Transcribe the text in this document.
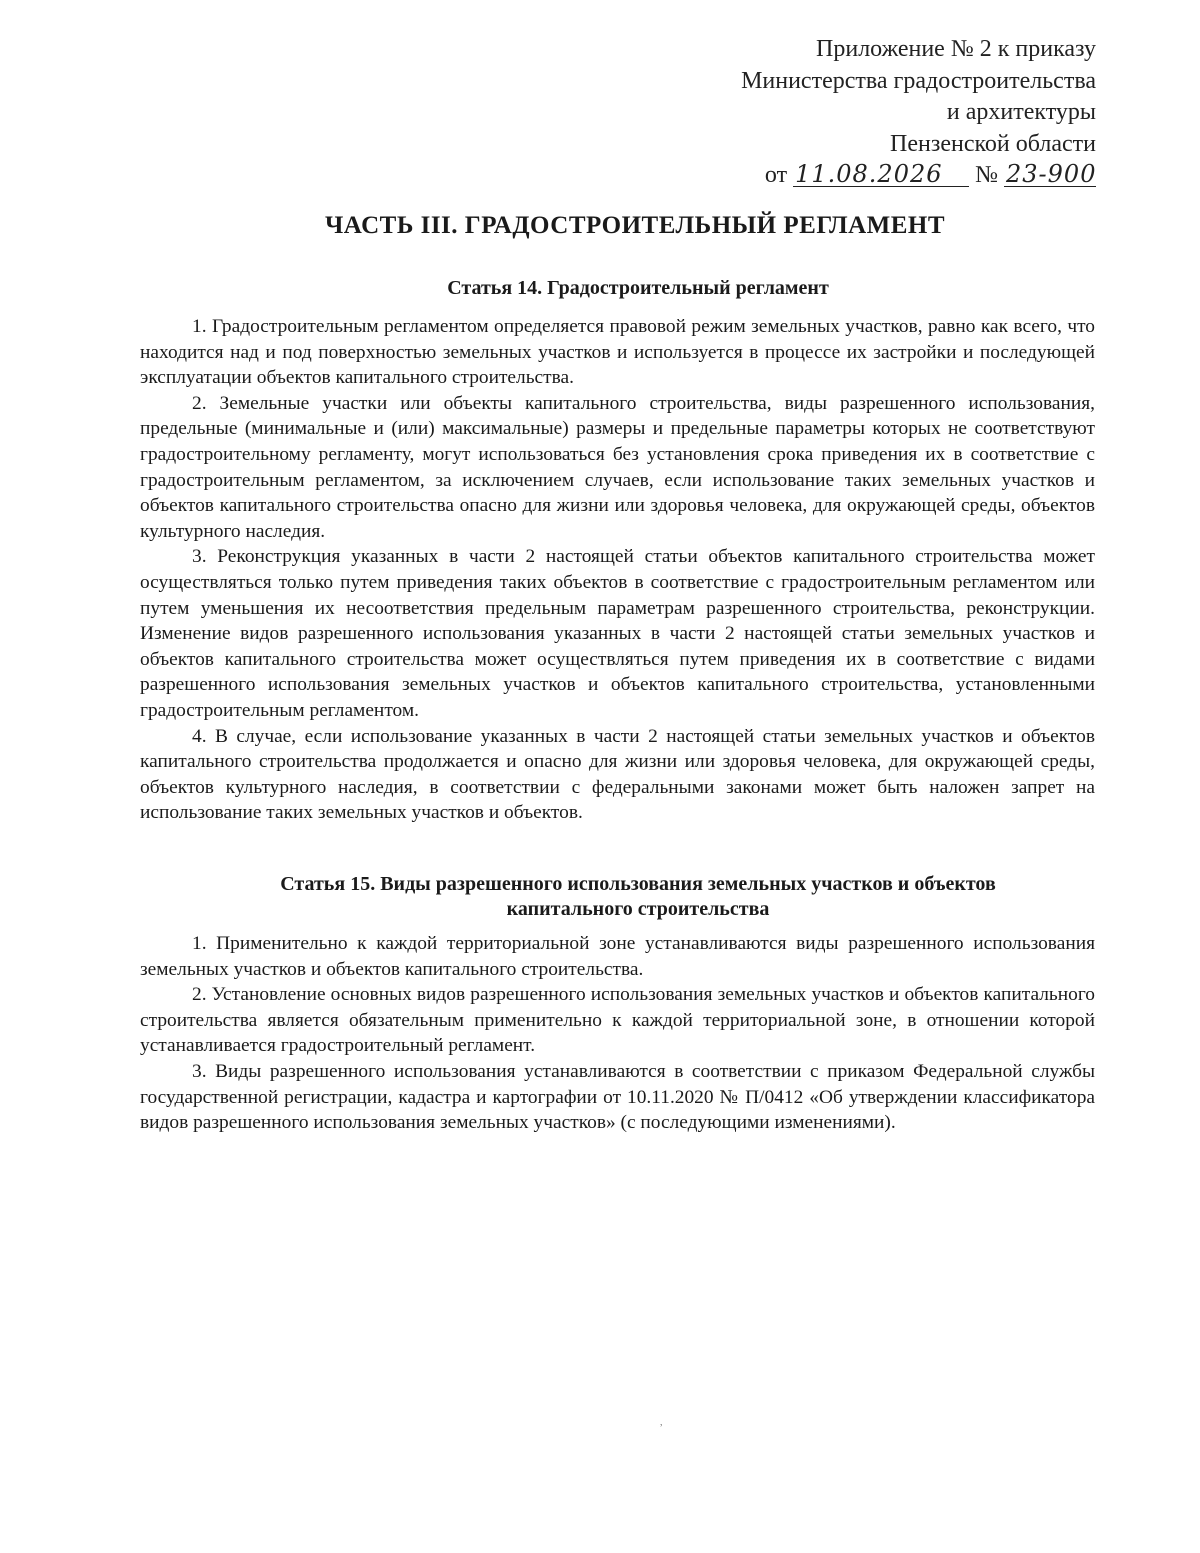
Приложение № 2 к приказу
Министерства градостроительства
и архитектуры
Пензенской области
от 11.08.2026 № 23-900
ЧАСТЬ III. ГРАДОСТРОИТЕЛЬНЫЙ РЕГЛАМЕНТ
Статья 14. Градостроительный регламент

1. Градостроительным регламентом определяется правовой режим земельных участков, равно как всего, что находится над и под поверхностью земельных участков и используется в процессе их застройки и последующей эксплуатации объектов капитального строительства.

2. Земельные участки или объекты капитального строительства, виды разрешенного использования, предельные (минимальные и (или) максимальные) размеры и предельные параметры которых не соответствуют градостроительному регламенту, могут использоваться без установления срока приведения их в соответствие с градостроительным регламентом, за исключением случаев, если использование таких земельных участков и объектов капитального строительства опасно для жизни или здоровья человека, для окружающей среды, объектов культурного наследия.

3. Реконструкция указанных в части 2 настоящей статьи объектов капитального строительства может осуществляться только путем приведения таких объектов в соответствие с градостроительным регламентом или путем уменьшения их несоответствия предельным параметрам разрешенного строительства, реконструкции. Изменение видов разрешенного использования указанных в части 2 настоящей статьи земельных участков и объектов капитального строительства может осуществляться путем приведения их в соответствие с видами разрешенного использования земельных участков и объектов капитального строительства, установленными градостроительным регламентом.

4. В случае, если использование указанных в части 2 настоящей статьи земельных участков и объектов капитального строительства продолжается и опасно для жизни или здоровья человека, для окружающей среды, объектов культурного наследия, в соответствии с федеральными законами может быть наложен запрет на использование таких земельных участков и объектов.

Статья 15. Виды разрешенного использования земельных участков и объектов
капитального строительства

1. Применительно к каждой территориальной зоне устанавливаются виды разрешенного использования земельных участков и объектов капитального строительства.

2. Установление основных видов разрешенного использования земельных участков и объектов капитального строительства является обязательным применительно к каждой территориальной зоне, в отношении которой устанавливается градостроительный регламент.

3. Виды разрешенного использования устанавливаются в соответствии с приказом Федеральной службы государственной регистрации, кадастра и картографии от 10.11.2020 № П/0412 «Об утверждении классификатора видов разрешенного использования земельных участков» (с последующими изменениями).

,
